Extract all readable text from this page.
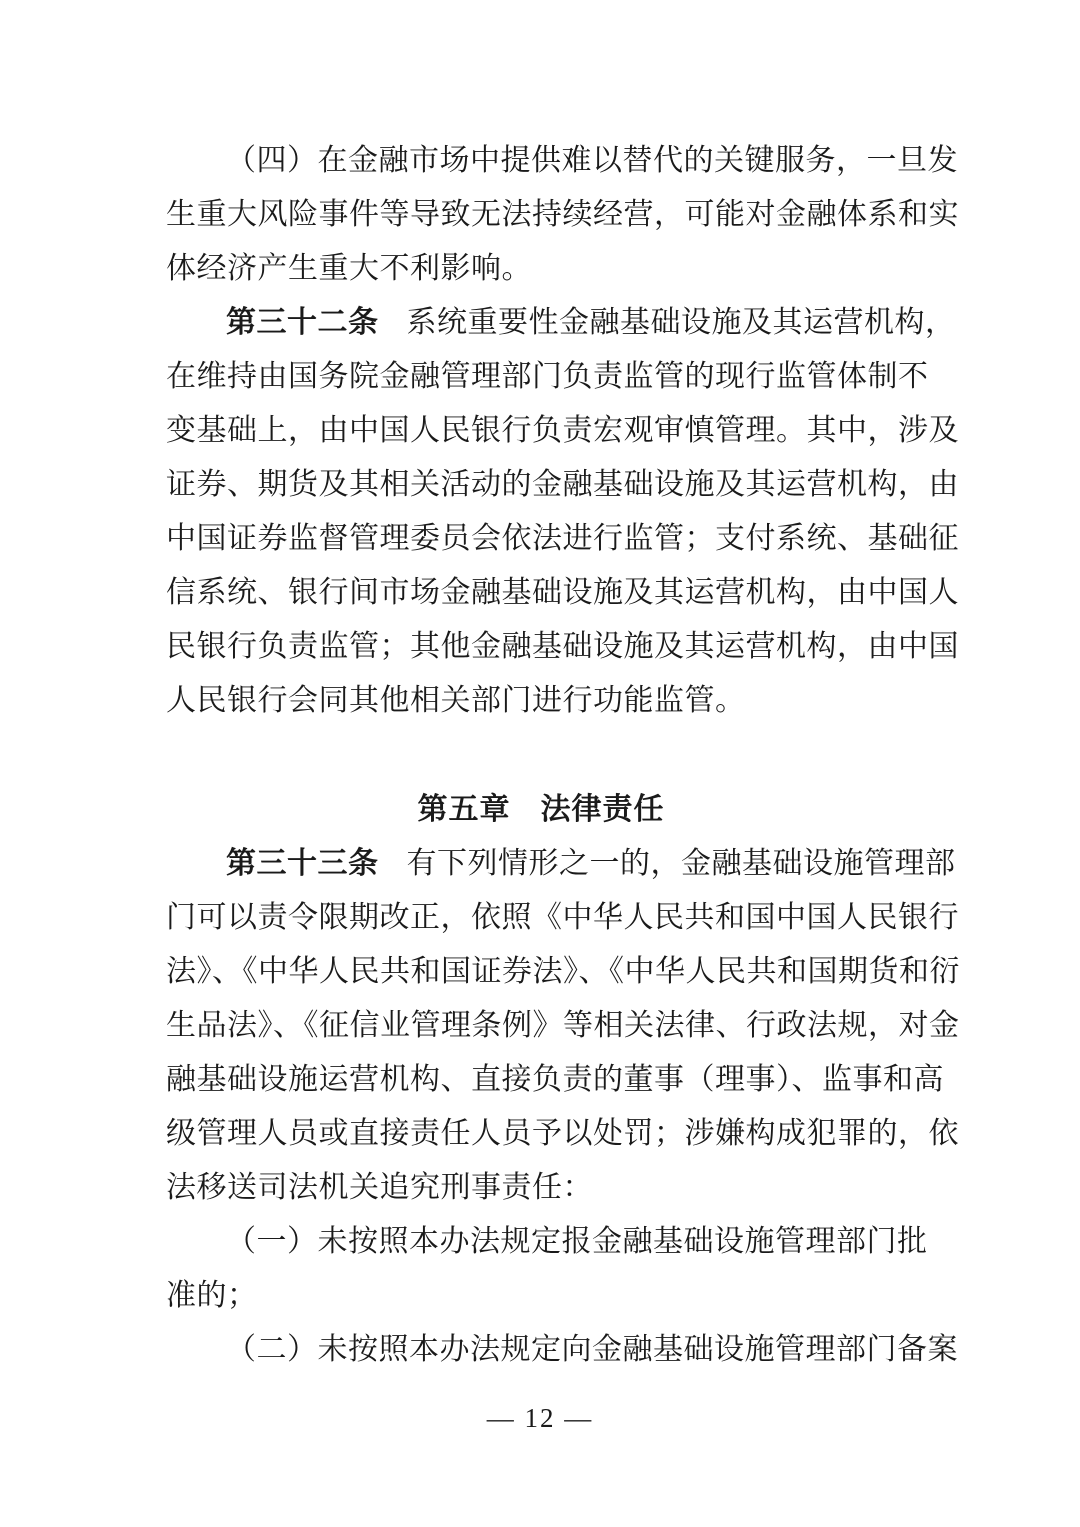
（四）在金融市场中提供难以替代的关键服务，一旦发
生重大风险事件等导致无法持续经营，可能对金融体系和实
体经济产生重大不利影响。
第三十二条 系统重要性金融基础设施及其运营机构，
在维持由国务院金融管理部门负责监管的现行监管体制不
变基础上，由中国人民银行负责宏观审慎管理。其中，涉及
证券、期货及其相关活动的金融基础设施及其运营机构，由
中国证券监督管理委员会依法进行监管；支付系统、基础征
信系统、银行间市场金融基础设施及其运营机构，由中国人
民银行负责监管；其他金融基础设施及其运营机构，由中国
人民银行会同其他相关部门进行功能监管。
第五章 法律责任
第三十三条 有下列情形之一的，金融基础设施管理部
门可以责令限期改正，依照《中华人民共和国中国人民银行
法》、《中华人民共和国证券法》、《中华人民共和国期货和衍
生品法》、《征信业管理条例》等相关法律、行政法规，对金
融基础设施运营机构、直接负责的董事（理事）、监事和高
级管理人员或直接责任人员予以处罚；涉嫌构成犯罪的，依
法移送司法机关追究刑事责任：
（一）未按照本办法规定报金融基础设施管理部门批
准的；
（二）未按照本办法规定向金融基础设施管理部门备案
— 12 —
